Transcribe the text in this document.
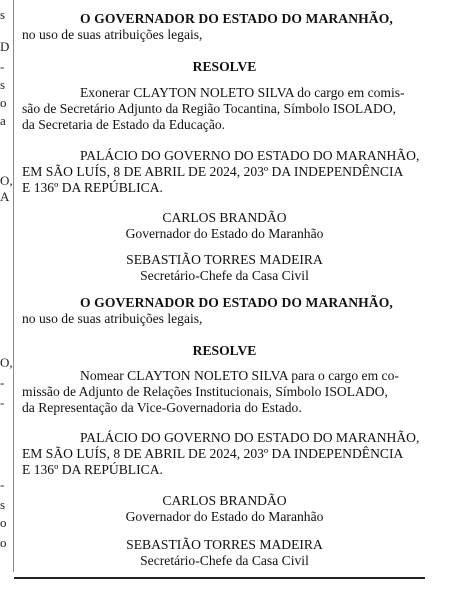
s
D
-
s
o
a
O,
A
O,
-
-
-
s
o
o

O GOVERNADOR DO ESTADO DO MARANHÃO,

no uso de suas atribuições legais,

RESOLVE

Exonerar CLAYTON NOLETO SILVA do cargo em comis-

são de Secretário Adjunto da Região Tocantina, Símbolo ISOLADO,

da Secretaria de Estado da Educação.

PALÁCIO DO GOVERNO DO ESTADO DO MARANHÃO,

EM SÃO LUÍS, 8 DE ABRIL DE 2024, 203º DA INDEPENDÊNCIA

E 136º DA REPÚBLICA.

CARLOS BRANDÃO

Governador do Estado do Maranhão

SEBASTIÃO TORRES MADEIRA

Secretário-Chefe da Casa Civil

O GOVERNADOR DO ESTADO DO MARANHÃO,

no uso de suas atribuições legais,

RESOLVE

Nomear CLAYTON NOLETO SILVA para o cargo em co-

missão de Adjunto de Relações Institucionais, Símbolo ISOLADO,

da Representação da Vice-Governadoria do Estado.

PALÁCIO DO GOVERNO DO ESTADO DO MARANHÃO,

EM SÃO LUÍS, 8 DE ABRIL DE 2024, 203º DA INDEPENDÊNCIA

E 136º DA REPÚBLICA.

CARLOS BRANDÃO

Governador do Estado do Maranhão

SEBASTIÃO TORRES MADEIRA

Secretário-Chefe da Casa Civil
